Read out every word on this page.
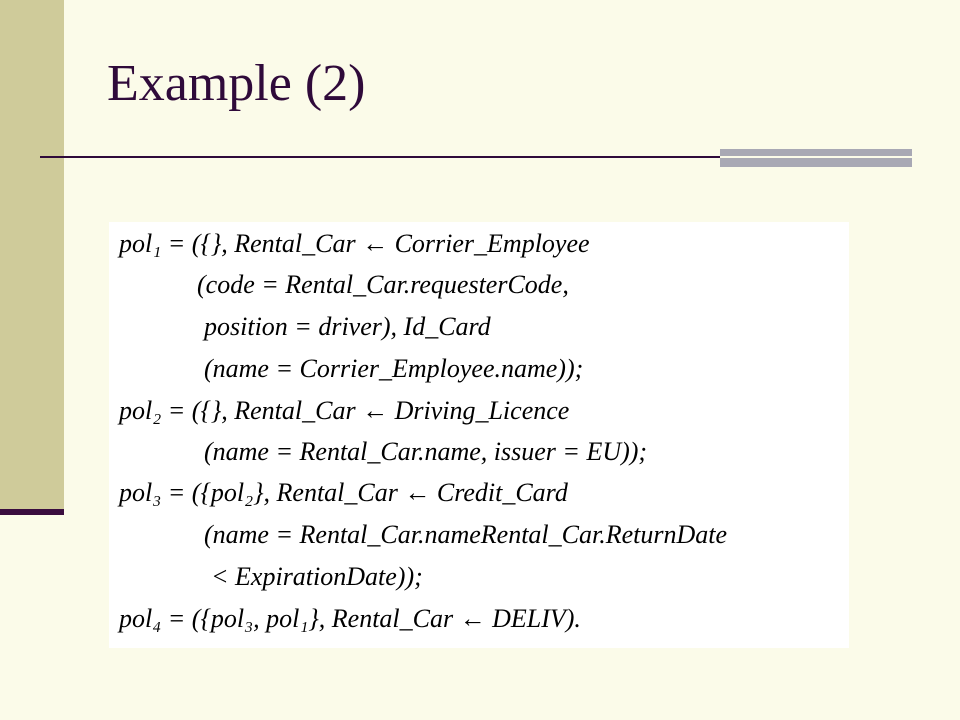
Example (2)
pol₁ = ({}, Rental_Car ← Corrier_Employee
(code = Rental_Car.requesterCode,
position = driver), Id_Card
(name = Corrier_Employee.name));
pol₂ = ({}, Rental_Car ← Driving_Licence
(name = Rental_Car.name, issuer = EU));
pol₃ = ({pol₂}, Rental_Car ← Credit_Card
(name = Rental_Car.nameRental_Car.ReturnDate
< ExpirationDate));
pol₄ = ({pol₃, pol₁}, Rental_Car ← DELIV).
